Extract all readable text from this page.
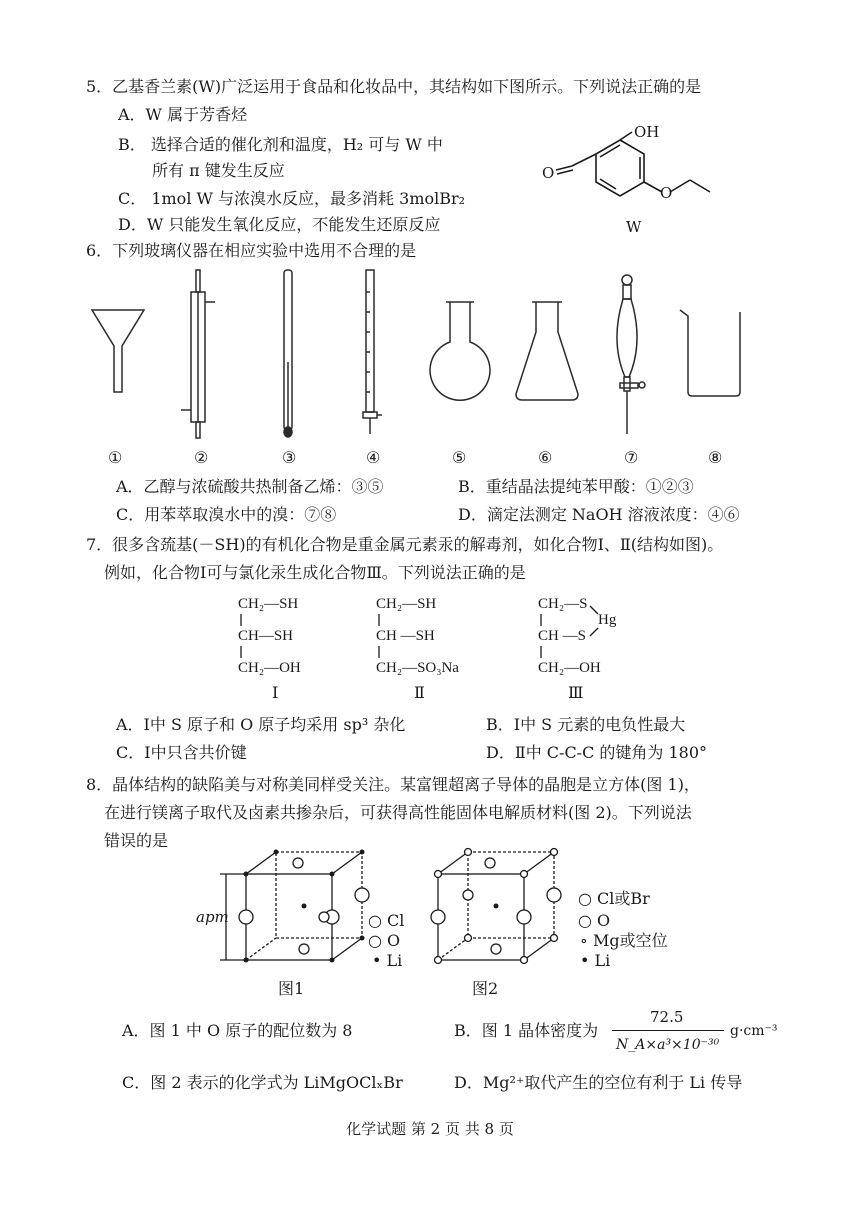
5．乙基香兰素(W)广泛运用于食品和化妆品中，其结构如下图所示。下列说法正确的是
A．W 属于芳香烃
B． 选择合适的催化剂和温度，H₂ 可与 W 中
所有 π 键发生反应
C． 1mol W 与浓溴水反应，最多消耗 3molBr₂
D．W 只能发生氧化反应，不能发生还原反应
OH
O
O
W
6．下列玻璃仪器在相应实验中选用不合理的是
①	②	③	④	⑤	⑥	⑦	⑧
A．乙醇与浓硫酸共热制备乙烯：③⑤	B．重结晶法提纯苯甲酸：①②③
C．用苯萃取溴水中的溴：⑦⑧	D．滴定法测定 NaOH 溶液浓度：④⑥
7．很多含巯基(－SH)的有机化合物是重金属元素汞的解毒剂，如化合物Ⅰ、Ⅱ(结构如图)。
例如，化合物Ⅰ可与氯化汞生成化合物Ⅲ。下列说法正确的是
CH₂—SH
CH—SH
CH₂—OH
Ⅰ
CH₂—SH
CH —SH
CH₂—SO₃Na
Ⅱ
CH₂—S
CH —S
CH₂—OH
Hg
Ⅲ
A．Ⅰ中 S 原子和 O 原子均采用 sp³ 杂化	B．Ⅰ中 S 元素的电负性最大
C．Ⅰ中只含共价键	D．Ⅱ中 C-C-C 的键角为 180°
8．晶体结构的缺陷美与对称美同样受关注。某富锂超离子导体的晶胞是立方体(图 1)，
在进行镁离子取代及卤素共掺杂后，可获得高性能固体电解质材料(图 2)。下列说法
错误的是
apm	○ Cl
○ O
• Li
图1
○ Cl或Br
○ O
∘ Mg或空位
• Li
图2
A．图 1 中 O 原子的配位数为 8	B．图 1 晶体密度为
72.5
N_A×a³×10⁻³⁰
g·cm⁻³
C．图 2 表示的化学式为 LiMgOClₓBr	D．Mg²⁺取代产生的空位有利于 Li 传导
化学试题 第 2 页 共 8 页
